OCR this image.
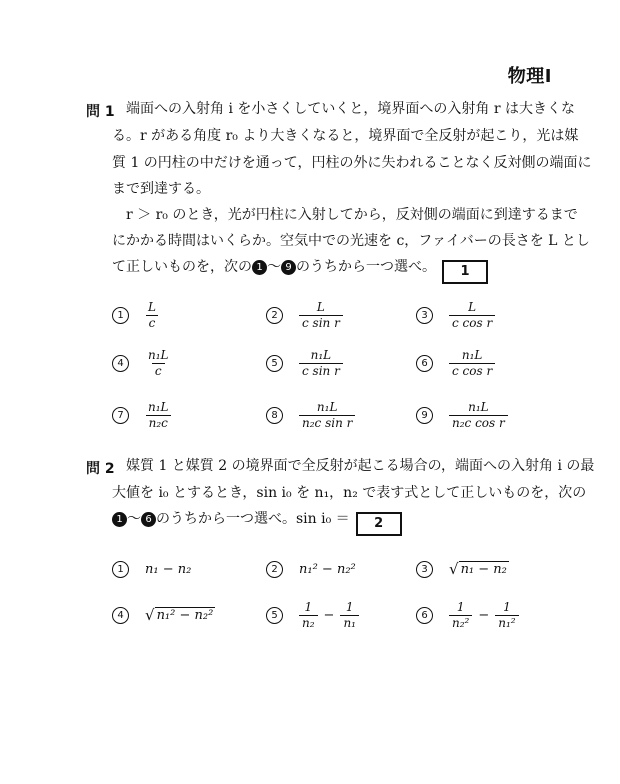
物理Ⅰ
問 1 端面への入射角 i を小さくしていくと，境界面への入射角 r は大きくな
る。r がある角度 r₀ より大きくなると，境界面で全反射が起こり，光は媒
質 1 の円柱の中だけを通って，円柱の外に失われることなく反対側の端面に
まで到達する。
r ＞ r₀ のとき，光が円柱に入射してから，反対側の端面に到達するまで
にかかる時間はいくらか。空気中での光速を c，ファイバーの長さを L とし
て正しいものを，次の 1 〜 9 のうちから一つ選べ。 1
1	$\frac{L}{c}$	2	$\frac{L}{\text{c sin r}}$	3	$\frac{L}{\text{c cos r}}$
4	$\frac{\text{n₁L}}{c}$	5	$\frac{\text{n₁L}}{\text{c sin r}}$	6	$\frac{\text{n₁L}}{\text{c cos r}}$
7	$\frac{\text{n₁L}}{\text{n₂c}}$	8	$\frac{\text{n₁L}}{\text{n₂c sin r}}$	9	$\frac{\text{n₁L}}{\text{n₂c cos r}}$
問 2 媒質 1 と媒質 2 の境界面で全反射が起こる場合の，端面への入射角 i の最
大値を i₀ とするとき，sin i₀ を n₁，n₂ で表す式として正しいものを，次の
1 〜 6 のうちから一つ選べ。sin i₀ ＝ 2
1	n₁ − n₂	2	n₁² − n₂²	3	√ n₁ − n₂
4	√ n₁² − n₂²	5	$\frac{1}{\text{n₂}} - \frac{1}{\text{n₁}}$	6	$\frac{1}{\text{n₂²}} - \frac{1}{\text{n₁²}}$
